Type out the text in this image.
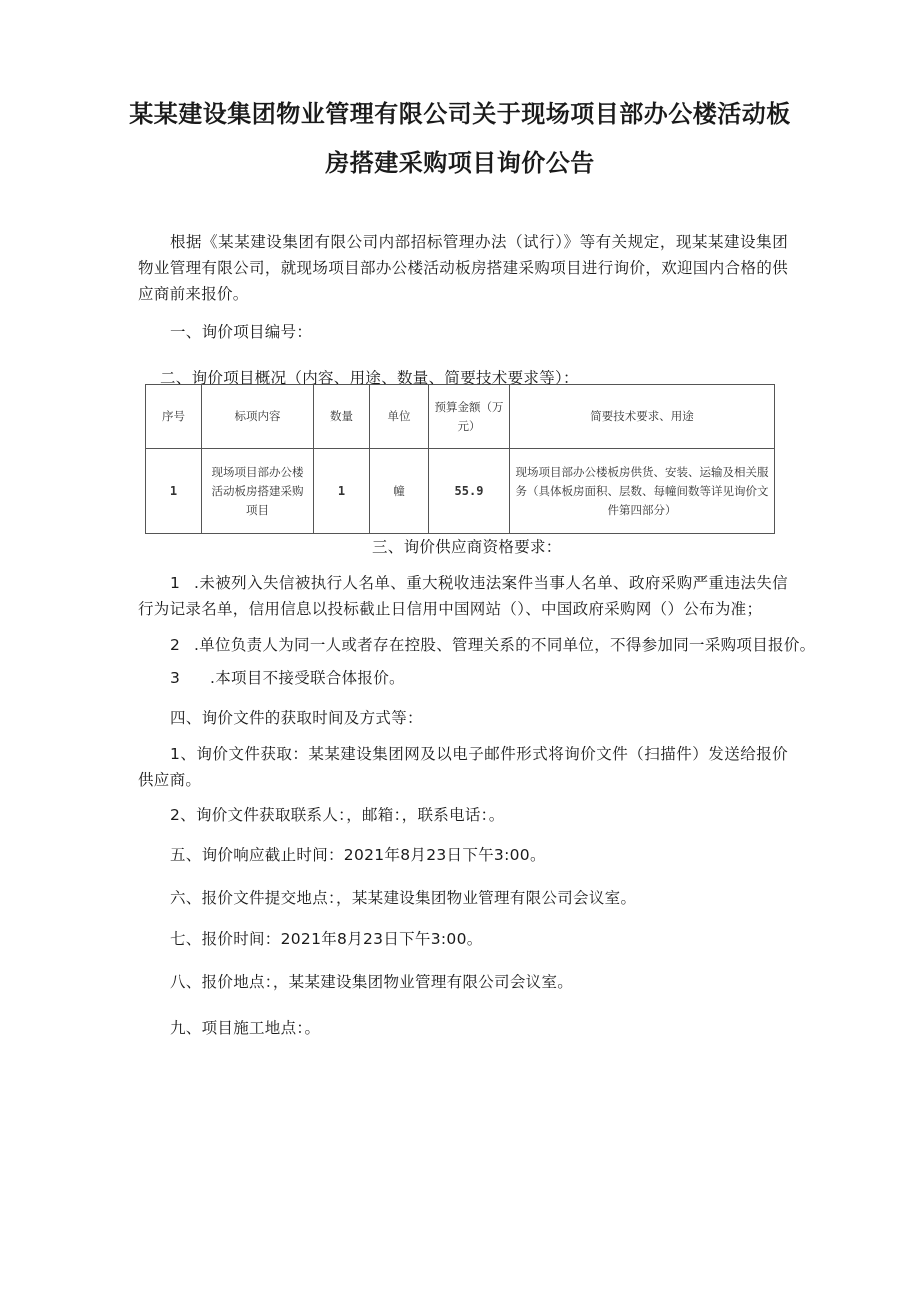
某某建设集团物业管理有限公司关于现场项目部办公楼活动板
房搭建采购项目询价公告
根据《某某建设集团有限公司内部招标管理办法（试行）》等有关规定，现某某建设集团物业管理有限公司，就现场项目部办公楼活动板房搭建采购项目进行询价，欢迎国内合格的供应商前来报价。
一、询价项目编号：
二、询价项目概况（内容、用途、数量、简要技术要求等）：
序号	标项内容	数量	单位	预算金额（万元）	简要技术要求、用途
1	现场项目部办公楼活动板房搭建采购项目	1	幢	55.9	现场项目部办公楼板房供货、安装、运输及相关服务（具体板房面积、层数、每幢间数等详见询价文件第四部分）
三、询价供应商资格要求：
1 .未被列入失信被执行人名单、重大税收违法案件当事人名单、政府采购严重违法失信行为记录名单，信用信息以投标截止日信用中国网站（）、中国政府采购网（）公布为准；
2 .单位负责人为同一人或者存在控股、管理关系的不同单位，不得参加同一采购项目报价。
3 .本项目不接受联合体报价。
四、询价文件的获取时间及方式等：
1、询价文件获取：某某建设集团网及以电子邮件形式将询价文件（扫描件）发送给报价供应商。
2、询价文件获取联系人：，邮箱：，联系电话：。
五、询价响应截止时间：2021年8月23日下午3:00。
六、报价文件提交地点：，某某建设集团物业管理有限公司会议室。
七、报价时间：2021年8月23日下午3:00。
八、报价地点：，某某建设集团物业管理有限公司会议室。
九、项目施工地点：。
